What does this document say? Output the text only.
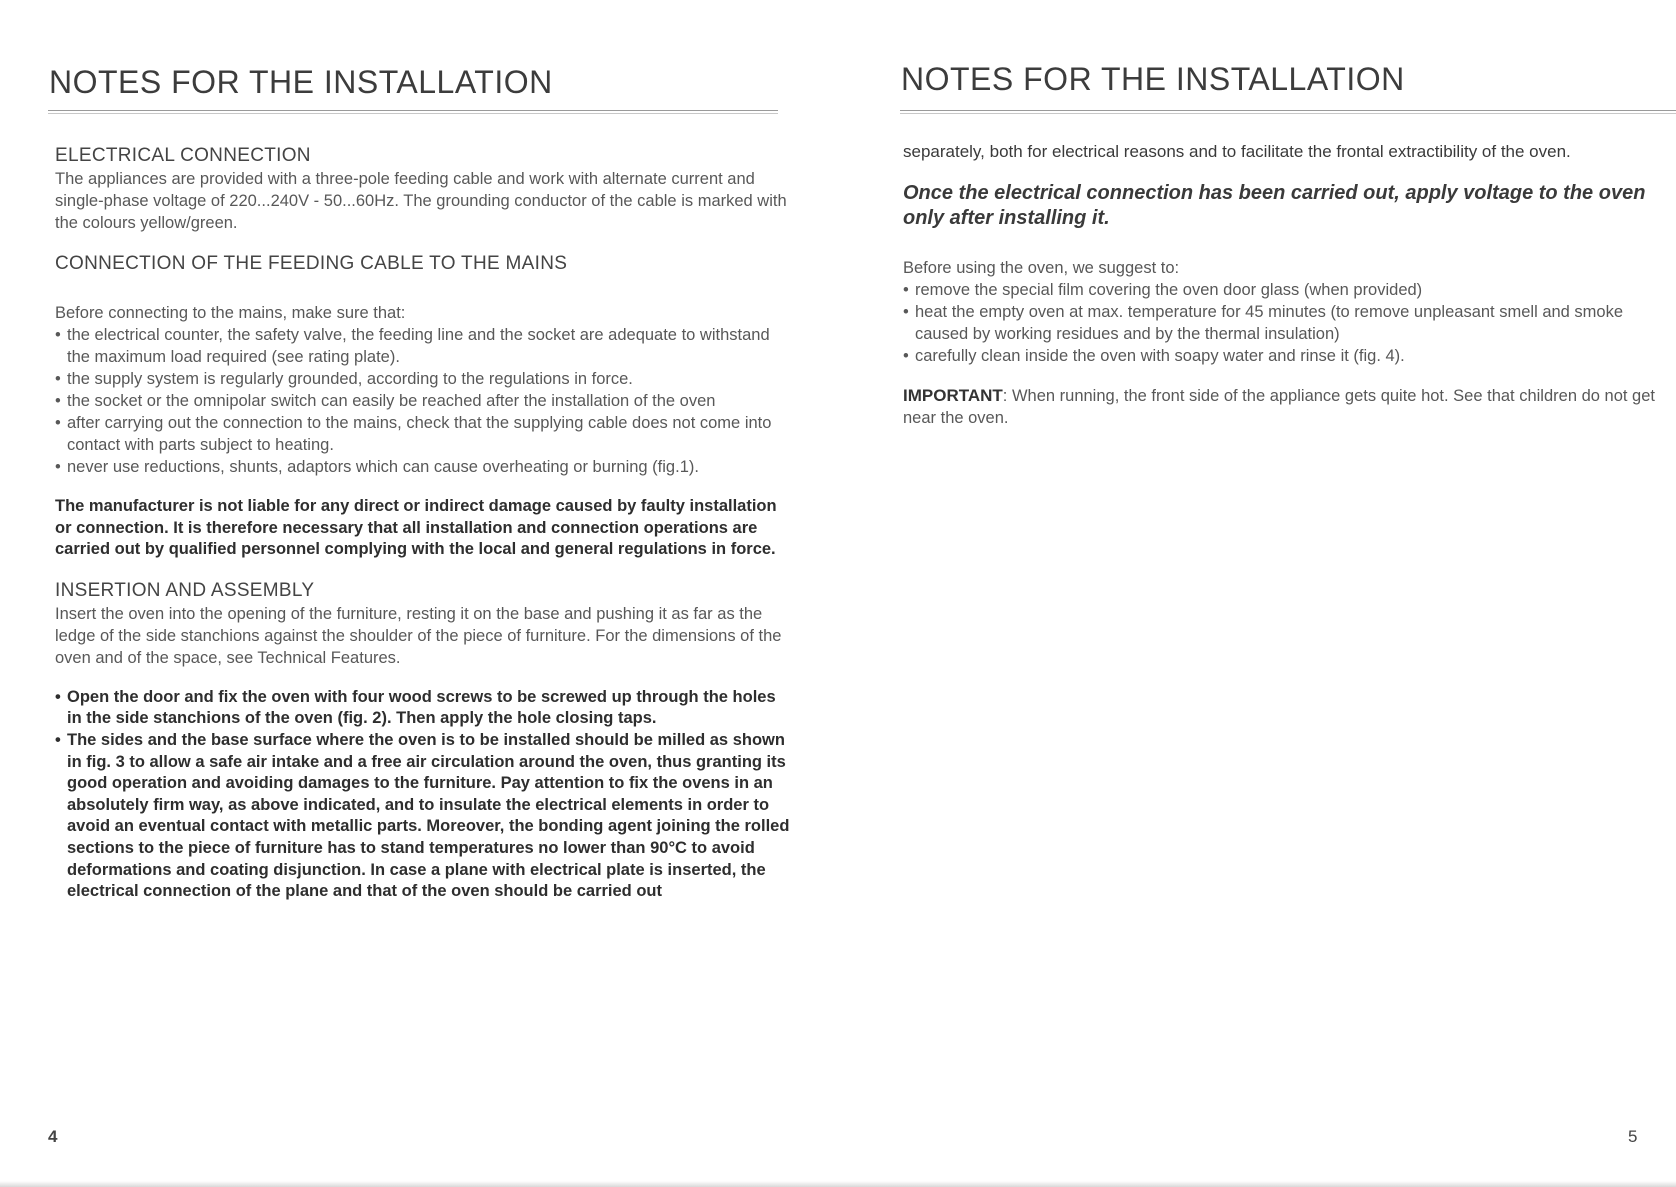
NOTES FOR THE INSTALLATION
ELECTRICAL CONNECTION

The appliances are provided with a three-pole feeding cable and work with alternate current and single-phase voltage of 220...240V - 50...60Hz. The grounding conductor of the cable is marked with the colours yellow/green.

CONNECTION OF THE FEEDING CABLE TO THE MAINS

Before connecting to the mains, make sure that:

• the electrical counter, the safety valve, the feeding line and the socket are adequate to withstand the maximum load required (see rating plate).
• the supply system is regularly grounded, according to the regulations in force.
• the socket or the omnipolar switch can easily be reached after the installation of the oven
• after carrying out the connection to the mains, check that the supplying cable does not come into contact with parts subject to heating.
• never use reductions, shunts, adaptors which can cause overheating or burning (fig.1).

The manufacturer is not liable for any direct or indirect damage caused by faulty installation or connection. It is therefore necessary that all installation and connection operations are carried out by qualified personnel complying with the local and general regulations in force.

INSERTION AND ASSEMBLY

Insert the oven into the opening of the furniture, resting it on the base and pushing it as far as the ledge of the side stanchions against the shoulder of the piece of furniture. For the dimensions of the oven and of the space, see Technical Features.

• Open the door and fix the oven with four wood screws to be screwed up through the holes in the side stanchions of the oven (fig. 2). Then apply the hole closing taps.
• The sides and the base surface where the oven is to be installed should be milled as shown in fig. 3 to allow a safe air intake and a free air circulation around the oven, thus granting its good operation and avoiding damages to the furniture. Pay attention to fix the ovens in an absolutely firm way, as above indicated, and to insulate the electrical elements in order to avoid an eventual contact with metallic parts. Moreover, the bonding agent joining the rolled sections to the piece of furniture has to stand temperatures no lower than 90°C to avoid deformations and coating disjunction. In case a plane with electrical plate is inserted, the electrical connection of the plane and that of the oven should be carried out
4
NOTES FOR THE INSTALLATION

separately, both for electrical reasons and to facilitate the frontal extractibility of the oven.

Once the electrical connection has been carried out, apply voltage to the oven only after installing it.

Before using the oven, we suggest to:

• remove the special film covering the oven door glass (when provided)
• heat the empty oven at max. temperature for 45 minutes (to remove unpleasant smell and smoke caused by working residues and by the thermal insulation)
• carefully clean inside the oven with soapy water and rinse it (fig. 4).

IMPORTANT: When running, the front side of the appliance gets quite hot. See that children do not get near the oven.

5
